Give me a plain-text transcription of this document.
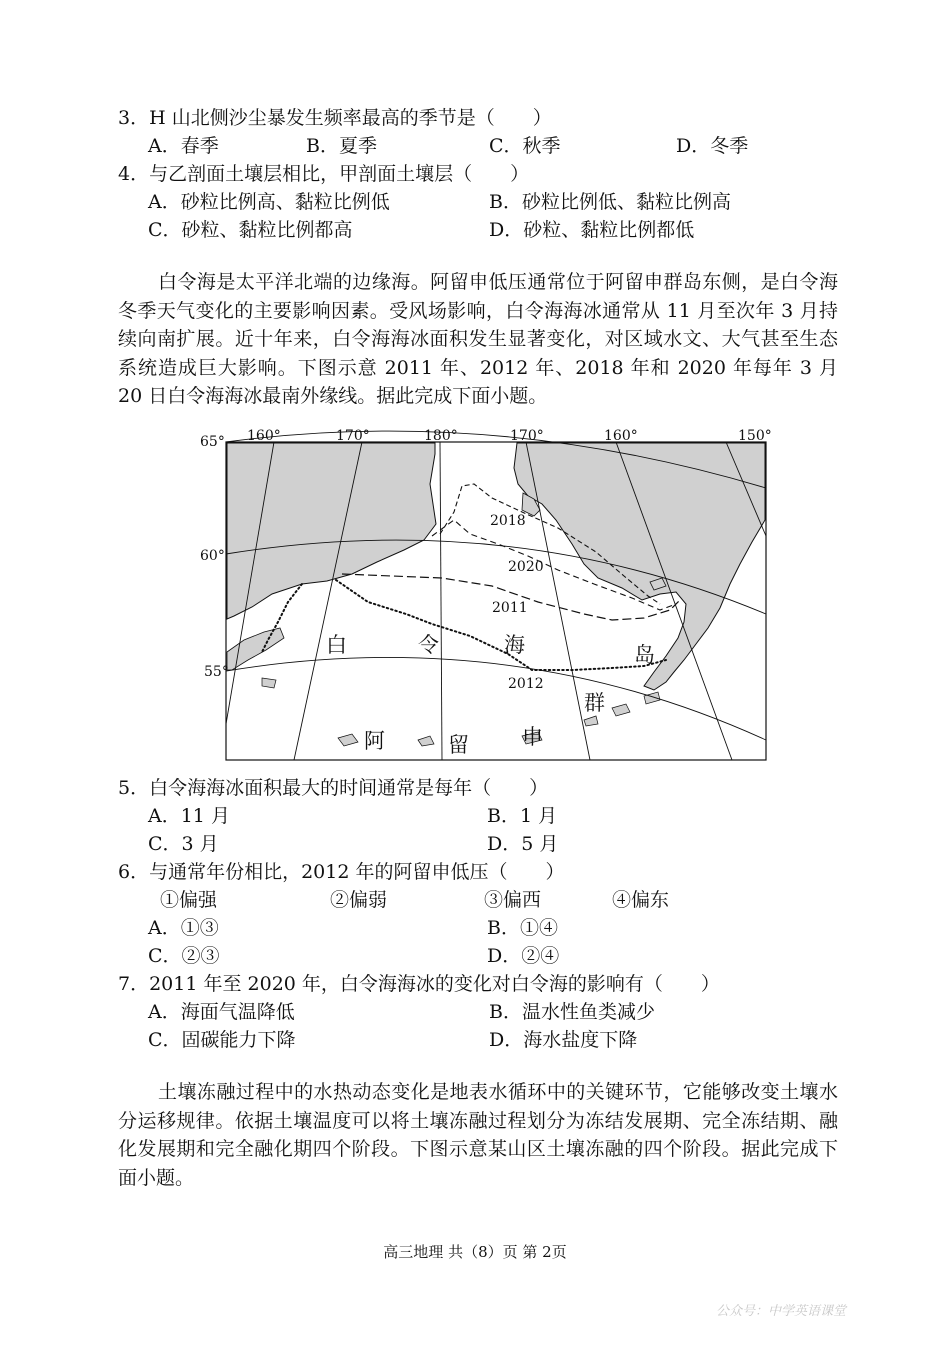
3．H 山北侧沙尘暴发生频率最高的季节是（　　）
A．春季	B．夏季	C．秋季	D．冬季
4．与乙剖面土壤层相比，甲剖面土壤层（　　）
A．砂粒比例高、黏粒比例低	B．砂粒比例低、黏粒比例高
C．砂粒、黏粒比例都高	D．砂粒、黏粒比例都低
白令海是太平洋北端的边缘海。阿留申低压通常位于阿留申群岛东侧，是白令海冬季天气变化的主要影响因素。受风场影响，白令海海冰通常从 11 月至次年 3 月持续向南扩展。近十年来，白令海海冰面积发生显著变化，对区域水文、大气甚至生态系统造成巨大影响。下图示意 2011 年、2012 年、2018 年和 2020 年每年 3 月 20 日白令海海冰最南外缘线。据此完成下面小题。
160°	170°	180°	170°	160°	150°
65°
60°
55°
2018
2020
2011
2012
白	令	海	岛
群
申
留
阿
5．白令海海冰面积最大的时间通常是每年（　　）
A．11 月	B．1 月
C．3 月	D．5 月
6．与通常年份相比，2012 年的阿留申低压（　　）
①偏强	②偏弱	③偏西	④偏东
A．①③	B．①④
C．②③	D．②④
7．2011 年至 2020 年，白令海海冰的变化对白令海的影响有（　　）
A．海面气温降低	B．温水性鱼类减少
C．固碳能力下降	D．海水盐度下降
土壤冻融过程中的水热动态变化是地表水循环中的关键环节，它能够改变土壤水分运移规律。依据土壤温度可以将土壤冻融过程划分为冻结发展期、完全冻结期、融化发展期和完全融化期四个阶段。下图示意某山区土壤冻融的四个阶段。据此完成下面小题。
高三地理 共（8）页 第 2页
公众号：中学英语课堂
